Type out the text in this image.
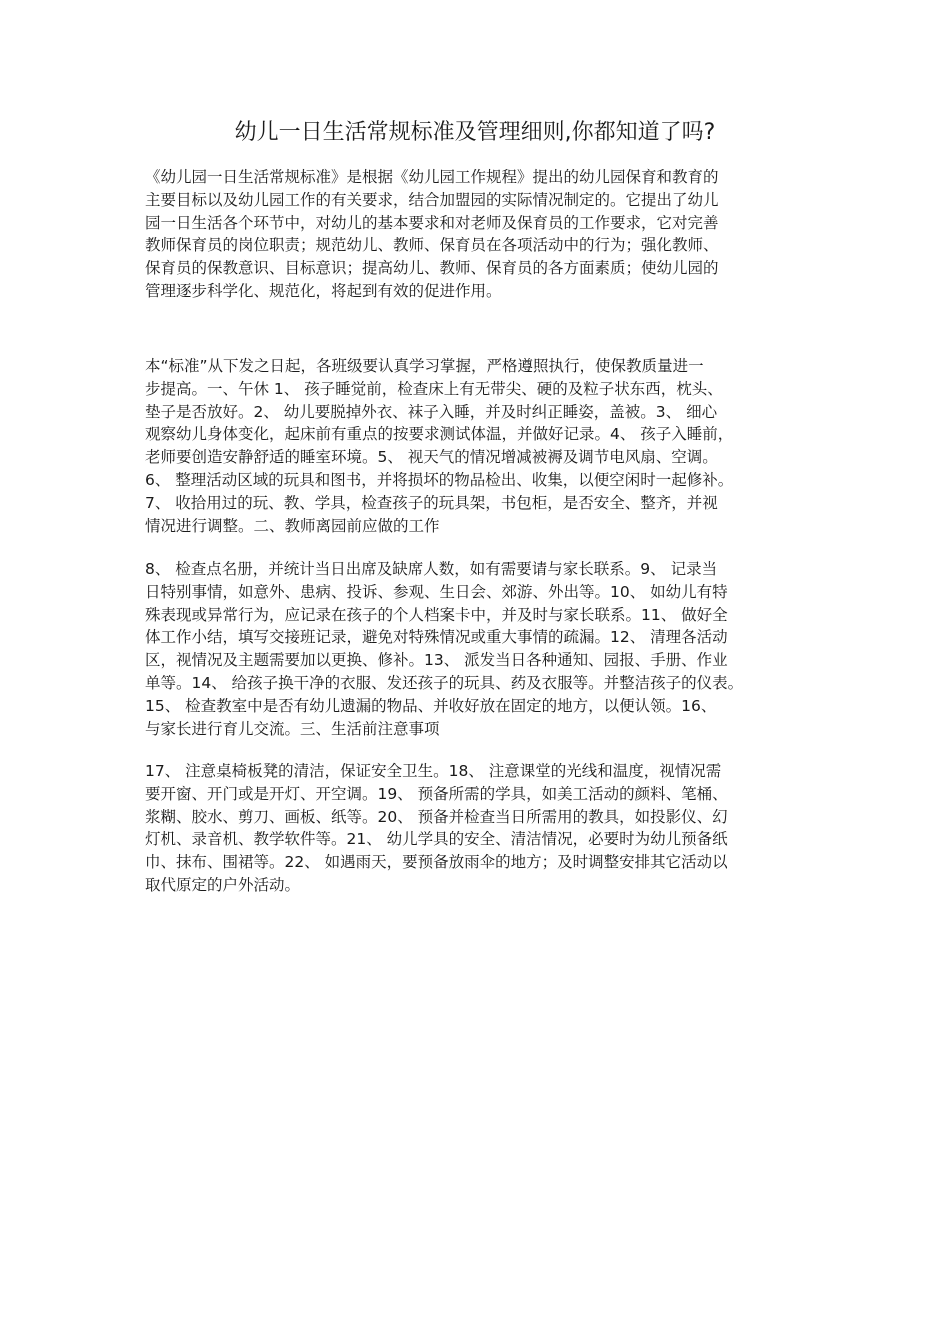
幼儿一日生活常规标准及管理细则,你都知道了吗?

《幼儿园一日生活常规标准》是根据《幼儿园工作规程》提出的幼儿园保育和教育的
主要目标以及幼儿园工作的有关要求，结合加盟园的实际情况制定的。它提出了幼儿
园一日生活各个环节中，对幼儿的基本要求和对老师及保育员的工作要求，它对完善
教师保育员的岗位职责；规范幼儿、教师、保育员在各项活动中的行为；强化教师、
保育员的保教意识、目标意识；提高幼儿、教师、保育员的各方面素质；使幼儿园的
管理逐步科学化、规范化，将起到有效的促进作用。

本“标准”从下发之日起，各班级要认真学习掌握，严格遵照执行，使保教质量进一
步提高。一、午休 1、 孩子睡觉前，检查床上有无带尖、硬的及粒子状东西，枕头、
垫子是否放好。2、 幼儿要脱掉外衣、袜子入睡，并及时纠正睡姿，盖被。3、 细心
观察幼儿身体变化，起床前有重点的按要求测试体温，并做好记录。4、 孩子入睡前，
老师要创造安静舒适的睡室环境。5、 视天气的情况增减被褥及调节电风扇、空调。
6、 整理活动区域的玩具和图书，并将损坏的物品检出、收集，以便空闲时一起修补。
7、 收拾用过的玩、教、学具，检查孩子的玩具架，书包柜，是否安全、整齐，并视
情况进行调整。二、教师离园前应做的工作

8、 检查点名册，并统计当日出席及缺席人数，如有需要请与家长联系。9、 记录当
日特别事情，如意外、患病、投诉、参观、生日会、郊游、外出等。10、 如幼儿有特
殊表现或异常行为，应记录在孩子的个人档案卡中，并及时与家长联系。11、 做好全
体工作小结，填写交接班记录，避免对特殊情况或重大事情的疏漏。12、 清理各活动
区，视情况及主题需要加以更换、修补。13、 派发当日各种通知、园报、手册、作业
单等。14、 给孩子换干净的衣服、发还孩子的玩具、药及衣服等。并整洁孩子的仪表。
15、 检查教室中是否有幼儿遗漏的物品、并收好放在固定的地方，以便认领。16、
与家长进行育儿交流。三、生活前注意事项

17、 注意桌椅板凳的清洁，保证安全卫生。18、 注意课堂的光线和温度，视情况需
要开窗、开门或是开灯、开空调。19、 预备所需的学具，如美工活动的颜料、笔桶、
浆糊、胶水、剪刀、画板、纸等。20、 预备并检查当日所需用的教具，如投影仪、幻
灯机、录音机、教学软件等。21、 幼儿学具的安全、清洁情况，必要时为幼儿预备纸
巾、抹布、围裙等。22、 如遇雨天，要预备放雨伞的地方；及时调整安排其它活动以
取代原定的户外活动。
